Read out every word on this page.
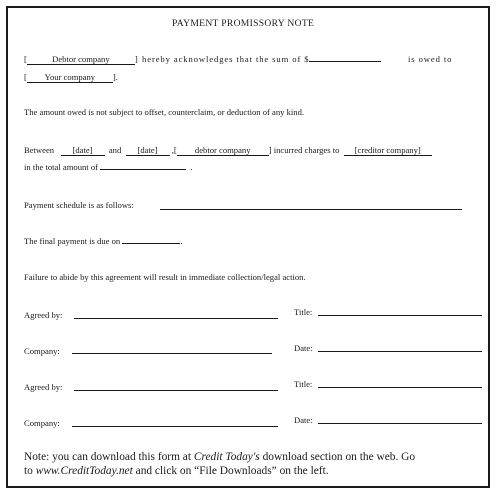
PAYMENT PROMISSORY NOTE
[	Debtor company	]  hereby acknowledges that the sum of $	is owed to
[ Your company ].
The amount owed is not subject to offset, counterclaim, or deduction of any kind.
Between [date] and [date] ,[ debtor company ] incurred charges to [creditor company]
in the total amount of	.
Payment schedule is as follows:
The final payment is due on	.
Failure to abide by this agreement will result in immediate collection/legal action.
Agreed by:	Title:
Company:	Date:
Agreed by:	Title:
Company:	Date:
Note: you can download this form at Credit Today's download section on the web. Go
to www.CreditToday.net and click on “File Downloads” on the left.
